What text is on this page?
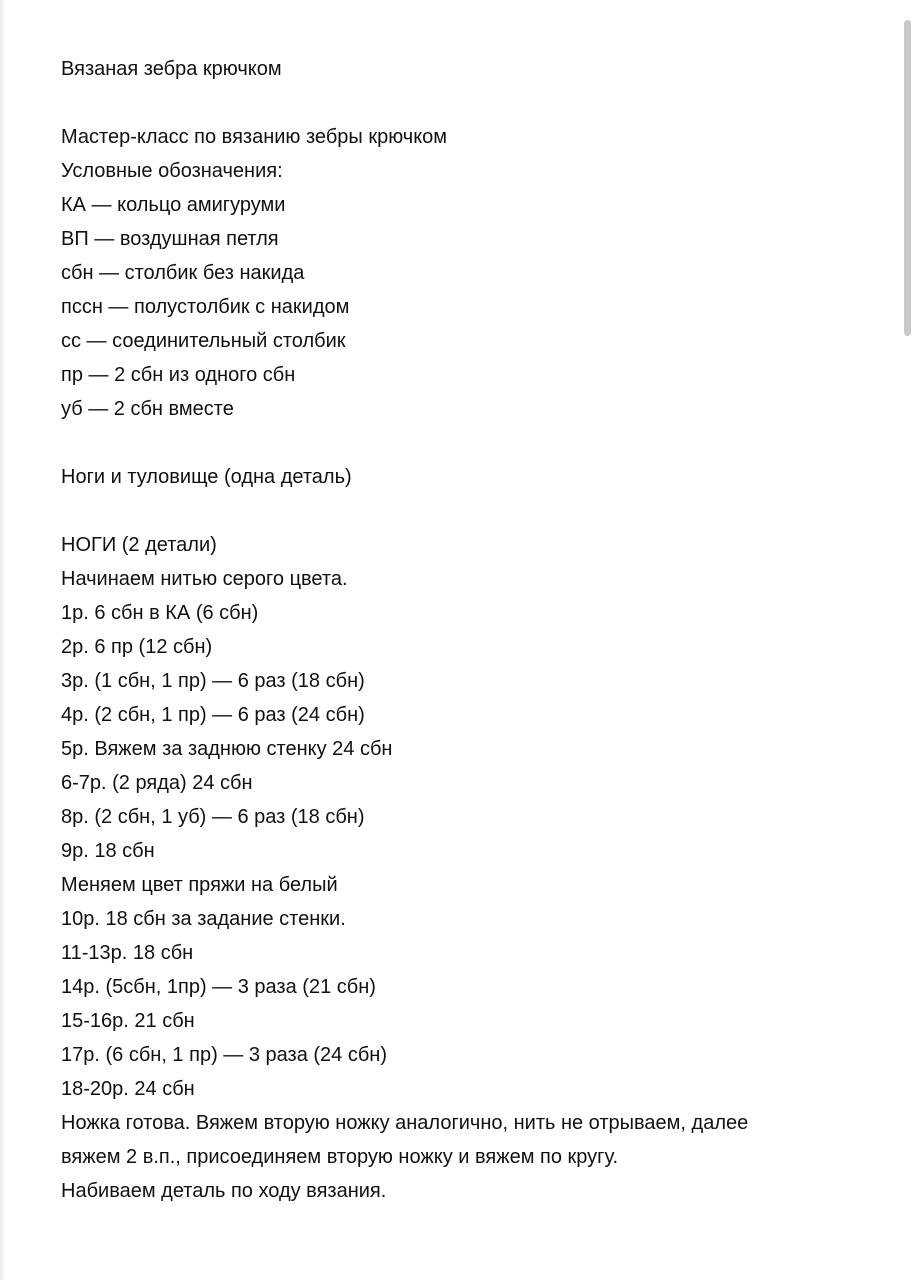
Вязаная зебра крючком
Мастер-класс по вязанию зебры крючком
Условные обозначения:
КА — кольцо амигуруми
ВП — воздушная петля
сбн — столбик без накида
пссн — полустолбик с накидом
сс — соединительный столбик
пр — 2 сбн из одного сбн
уб — 2 сбн вместе
Ноги и туловище (одна деталь)
НОГИ (2 детали)
Начинаем нитью серого цвета.
1р. 6 сбн в КА (6 сбн)
2р. 6 пр (12 сбн)
3р. (1 сбн, 1 пр) — 6 раз (18 сбн)
4р. (2 сбн, 1 пр) — 6 раз (24 сбн)
5р. Вяжем за заднюю стенку 24 сбн
6-7р. (2 ряда) 24 сбн
8р. (2 сбн, 1 уб) — 6 раз (18 сбн)
9р. 18 сбн
Меняем цвет пряжи на белый
10р. 18 сбн за задание стенки.
11-13р. 18 сбн
14р. (5сбн, 1пр) — 3 раза (21 сбн)
15-16р. 21 сбн
17р. (6 сбн, 1 пр) — 3 раза (24 сбн)
18-20р. 24 сбн
Ножка готова. Вяжем вторую ножку аналогично, нить не отрываем, далее
вяжем 2 в.п., присоединяем вторую ножку и вяжем по кругу.
Набиваем деталь по ходу вязания.
